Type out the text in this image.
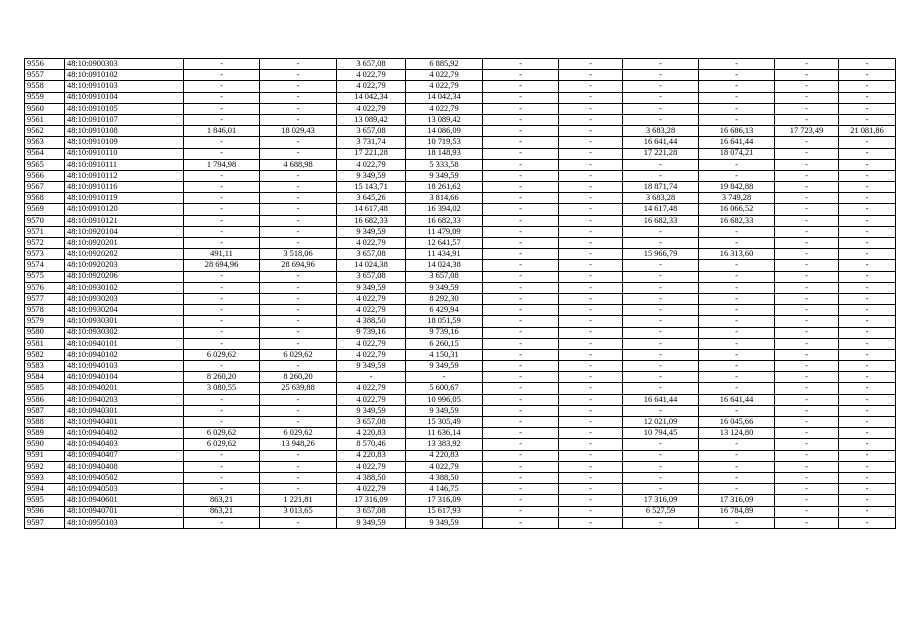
9556	48:10:0900303	-	-	3 657,08	6 885,92	-	-	-	-	-	-
9557	48:10:0910102	-	-	4 022,79	4 022,79	-	-	-	-	-	-
9558	48:10:0910103	-	-	4 022,79	4 022,79	-	-	-	-	-	-
9559	48:10:0910104	-	-	14 042,34	14 042,34	-	-	-	-	-	-
9560	48:10:0910105	-	-	4 022,79	4 022,79	-	-	-	-	-	-
9561	48:10:0910107	-	-	13 089,42	13 089,42	-	-	-	-	-	-
9562	48:10:0910108	1 846,01	18 029,43	3 657,08	14 086,09	-	-	3 683,28	16 686,13	17 723,49	21 081,86
9563	48:10:0910109	-	-	3 731,74	10 719,53	-	-	16 641,44	16 641,44	-	-
9564	48:10:0910110	-	-	17 221,28	18 148,93	-	-	17 221,28	18 074,21	-	-
9565	48:10:0910111	1 794,98	4 688,98	4 022,79	5 333,58	-	-	-	-	-	-
9566	48:10:0910112	-	-	9 349,59	9 349,59	-	-	-	-	-	-
9567	48:10:0910116	-	-	15 143,71	18 261,62	-	-	18 871,74	19 842,88	-	-
9568	48:10:0910119	-	-	3 645,26	3 814,66	-	-	3 683,28	3 749,28	-	-
9569	48:10:0910120	-	-	14 617,48	16 394,02	-	-	14 617,48	16 066,52	-	-
9570	48:10:0910121	-	-	16 682,33	16 682,33	-	-	16 682,33	16 682,33	-	-
9571	48:10:0920104	-	-	9 349,59	11 479,09	-	-	-	-	-	-
9572	48:10:0920201	-	-	4 022,79	12 641,57	-	-	-	-	-	-
9573	48:10:0920202	491,11	3 518,06	3 657,08	11 434,91	-	-	15 966,79	16 313,60	-	-
9574	48:10:0920203	28 694,96	28 694,96	14 024,38	14 024,38	-	-	-	-	-	-
9575	48:10:0920206	-	-	3 657,08	3 657,08	-	-	-	-	-	-
9576	48:10:0930102	-	-	9 349,59	9 349,59	-	-	-	-	-	-
9577	48:10:0930203	-	-	4 022,79	8 292,30	-	-	-	-	-	-
9578	48:10:0930204	-	-	4 022,79	6 429,94	-	-	-	-	-	-
9579	48:10:0930301	-	-	4 388,50	18 051,59	-	-	-	-	-	-
9580	48:10:0930302	-	-	9 739,16	9 739,16	-	-	-	-	-	-
9581	48:10:0940101	-	-	4 022,79	6 260,15	-	-	-	-	-	-
9582	48:10:0940102	6 029,62	6 029,62	4 022,79	4 150,31	-	-	-	-	-	-
9583	48:10:0940103	-	-	9 349,59	9 349,59	-	-	-	-	-	-
9584	48:10:0940104	8 260,20	8 260,20	-	-	-	-	-	-	-	-
9585	48:10:0940201	3 080,55	25 639,88	4 022,79	5 600,67	-	-	-	-	-	-
9586	48:10:0940203	-	-	4 022,79	10 996,05	-	-	16 641,44	16 641,44	-	-
9587	48:10:0940301	-	-	9 349,59	9 349,59	-	-	-	-	-	-
9588	48:10:0940401	-	-	3 657,08	15 305,49	-	-	12 021,09	16 045,66	-	-
9589	48:10:0940402	6 029,62	6 029,62	4 220,83	11 636,14	-	-	10 794,45	13 124,80	-	-
9590	48:10:0940403	6 029,62	13 948,26	8 570,46	13 383,92	-	-	-	-	-	-
9591	48:10:0940407	-	-	4 220,83	4 220,83	-	-	-	-	-	-
9592	48:10:0940408	-	-	4 022,79	4 022,79	-	-	-	-	-	-
9593	48:10:0940502	-	-	4 388,50	4 388,50	-	-	-	-	-	-
9594	48:10:0940503	-	-	4 022,79	4 146,75	-	-	-	-	-	-
9595	48:10:0940601	863,21	1 221,81	17 316,09	17 316,09	-	-	17 316,09	17 316,09	-	-
9596	48:10:0940701	863,21	3 013,65	3 657,08	15 617,93	-	-	6 527,59	16 784,89	-	-
9597	48:10:0950103	-	-	9 349,59	9 349,59	-	-	-	-	-	-
